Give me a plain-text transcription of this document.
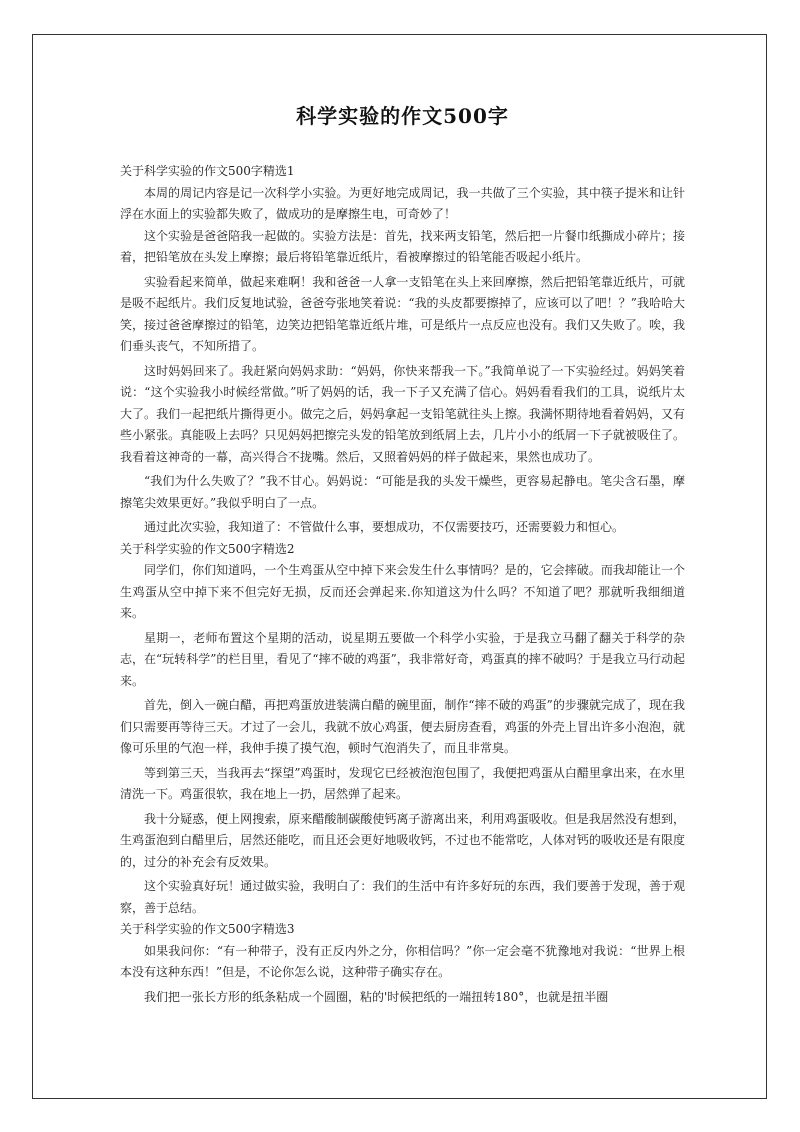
科学实验的作文500字

关于科学实验的作文500字精选1

本周的周记内容是记一次科学小实验。为更好地完成周记，我一共做了三个实验，其中筷子提米和让针浮在水面上的实验都失败了，做成功的是摩擦生电，可奇妙了！

这个实验是爸爸陪我一起做的。实验方法是：首先，找来两支铅笔，然后把一片餐巾纸撕成小碎片；接着，把铅笔放在头发上摩擦；最后将铅笔靠近纸片，看被摩擦过的铅笔能否吸起小纸片。

实验看起来简单，做起来难啊！我和爸爸一人拿一支铅笔在头上来回摩擦，然后把铅笔靠近纸片，可就是吸不起纸片。我们反复地试验，爸爸夸张地笑着说：“我的头皮都要擦掉了，应该可以了吧！？”我哈哈大笑，接过爸爸摩擦过的铅笔，边笑边把铅笔靠近纸片堆，可是纸片一点反应也没有。我们又失败了。唉，我们垂头丧气，不知所措了。

这时妈妈回来了。我赶紧向妈妈求助：“妈妈，你快来帮我一下。”我简单说了一下实验经过。妈妈笑着说：“这个实验我小时候经常做。”听了妈妈的话，我一下子又充满了信心。妈妈看看我们的工具，说纸片太大了。我们一起把纸片撕得更小。做完之后，妈妈拿起一支铅笔就往头上擦。我满怀期待地看着妈妈，又有些小紧张。真能吸上去吗？只见妈妈把擦完头发的铅笔放到纸屑上去，几片小小的纸屑一下子就被吸住了。我看着这神奇的一幕，高兴得合不拢嘴。然后，又照着妈妈的样子做起来，果然也成功了。

“我们为什么失败了？”我不甘心。妈妈说：“可能是我的头发干燥些，更容易起静电。笔尖含石墨，摩擦笔尖效果更好。”我似乎明白了一点。

通过此次实验，我知道了：不管做什么事，要想成功，不仅需要技巧，还需要毅力和恒心。

关于科学实验的作文500字精选2

同学们，你们知道吗，一个生鸡蛋从空中掉下来会发生什么事情吗？是的，它会摔破。而我却能让一个生鸡蛋从空中掉下来不但完好无损，反而还会弹起来.你知道这为什么吗？不知道了吧？那就听我细细道来。

星期一，老师布置这个星期的活动，说星期五要做一个科学小实验，于是我立马翻了翻关于科学的杂志，在“玩转科学”的栏目里，看见了“摔不破的鸡蛋”，我非常好奇，鸡蛋真的摔不破吗？于是我立马行动起来。

首先，倒入一碗白醋，再把鸡蛋放进装满白醋的碗里面，制作“摔不破的鸡蛋”的步骤就完成了，现在我们只需要再等待三天。才过了一会儿，我就不放心鸡蛋，便去厨房查看，鸡蛋的外壳上冒出许多小泡泡，就像可乐里的气泡一样，我伸手摸了摸气泡，顿时气泡消失了，而且非常臭。

等到第三天，当我再去“探望”鸡蛋时，发现它已经被泡泡包围了，我便把鸡蛋从白醋里拿出来，在水里清洗一下。鸡蛋很软，我在地上一扔，居然弹了起来。

我十分疑惑，便上网搜索，原来醋酸制碳酸使钙离子游离出来，利用鸡蛋吸收。但是我居然没有想到，生鸡蛋泡到白醋里后，居然还能吃，而且还会更好地吸收钙，不过也不能常吃，人体对钙的吸收还是有限度的，过分的补充会有反效果。

这个实验真好玩！通过做实验，我明白了：我们的生活中有许多好玩的东西，我们要善于发现，善于观察，善于总结。

关于科学实验的作文500字精选3

如果我问你：“有一种带子，没有正反内外之分，你相信吗？”你一定会毫不犹豫地对我说：“世界上根本没有这种东西！”但是，不论你怎么说，这种带子确实存在。

我们把一张长方形的纸条粘成一个圆圈，粘的'时候把纸的一端扭转180°，也就是扭半圈
